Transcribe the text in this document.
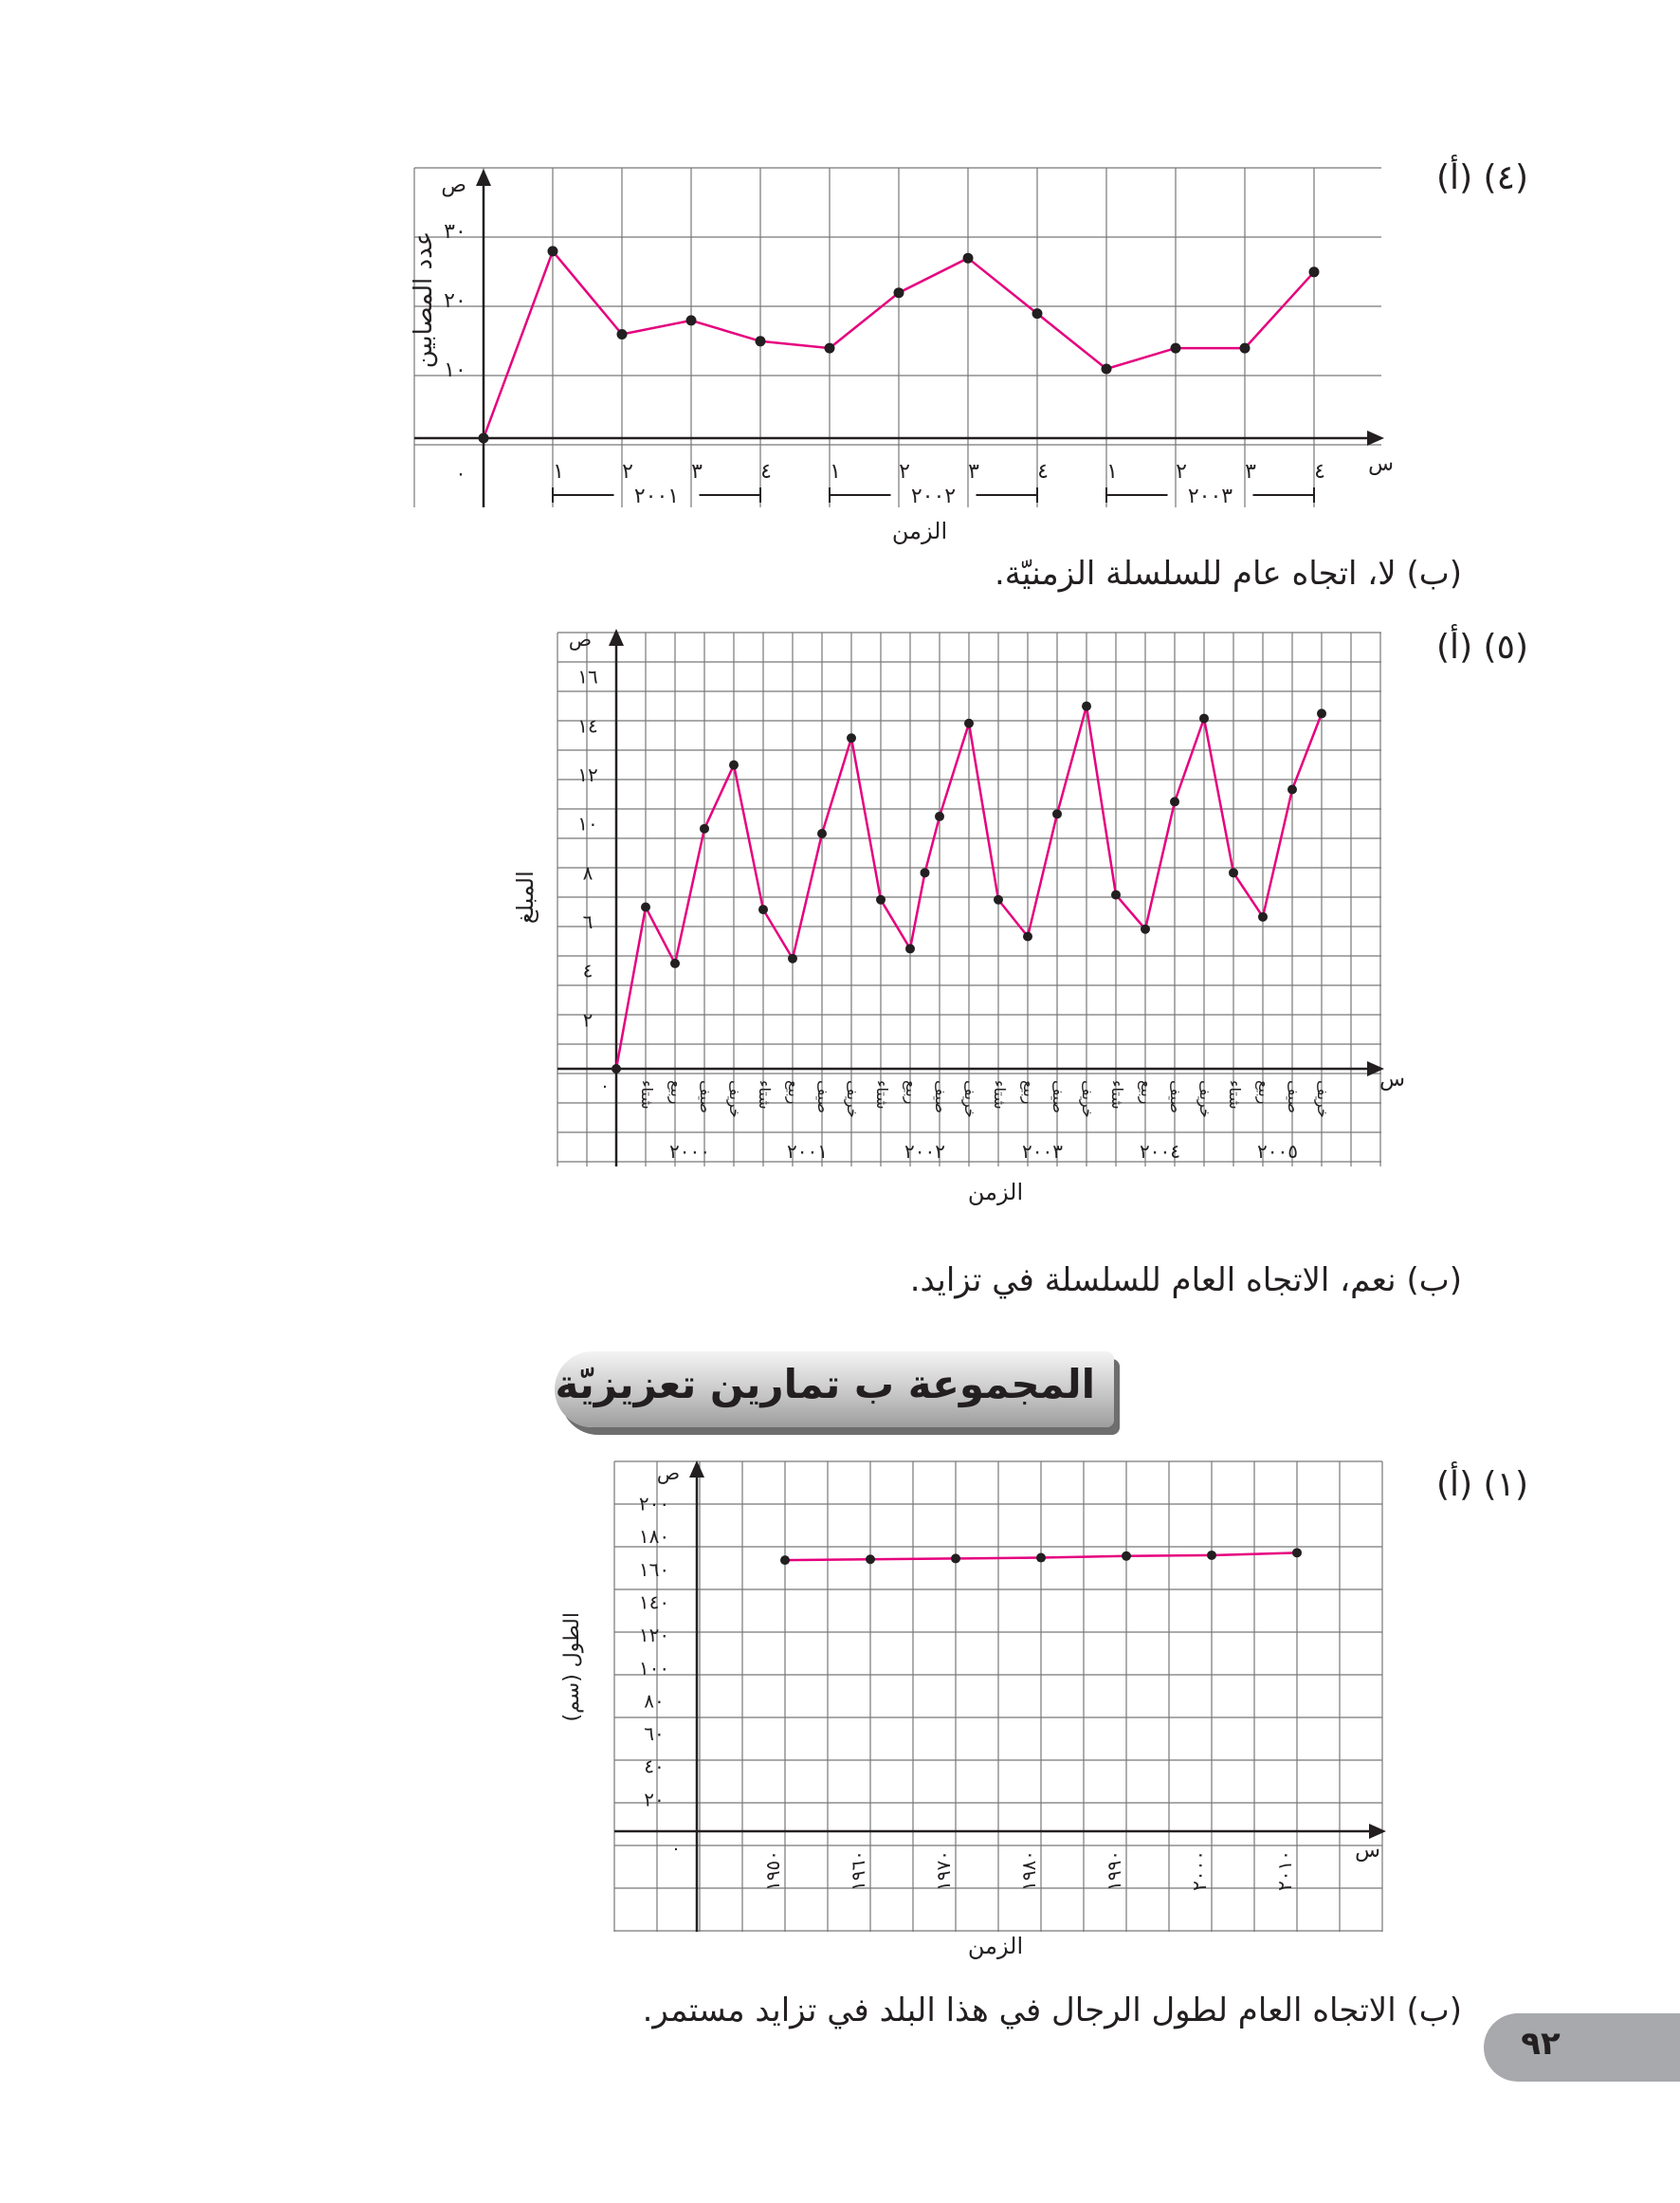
(٤) (أ)
ص
س
٠
١٠
٢٠
٣٠
١	٢	٣	٤	١	٢	٣	٤	١	٢	٣	٤
٢٠٠١	٢٠٠٢	٢٠٠٣
عدد المصابين
الزمن
(ب) لا، اتجاه عام للسلسلة الزمنيّة.
(٥) (أ)
ص
س
٠
٢
٤
٦
٨
١٠
١٢
١٤
١٦
شتاء ربيع صيف خريف شتاء ربيع صيف خريف شتاء ربيع صيف خريف شتاء ربيع صيف خريف شتاء ربيع صيف خريف شتاء ربيع صيف خريف
٢٠٠٠	٢٠٠١	٢٠٠٢	٢٠٠٣	٢٠٠٤	٢٠٠٥
المبلغ
الزمن
(ب) نعم، الاتجاه العام للسلسلة في تزايد.
المجموعة ب تمارين تعزيزيّة
(١) (أ)
ص
س
٠
٢٠
٤٠
٦٠
٨٠
١٠٠
١٢٠
١٤٠
١٦٠
١٨٠
٢٠٠
١٩٥٠	١٩٦٠	١٩٧٠	١٩٨٠	١٩٩٠	٢٠٠٠	٢٠١٠
الطول (سم)
الزمن
(ب) الاتجاه العام لطول الرجال في هذا البلد في تزايد مستمر.
٩٢
